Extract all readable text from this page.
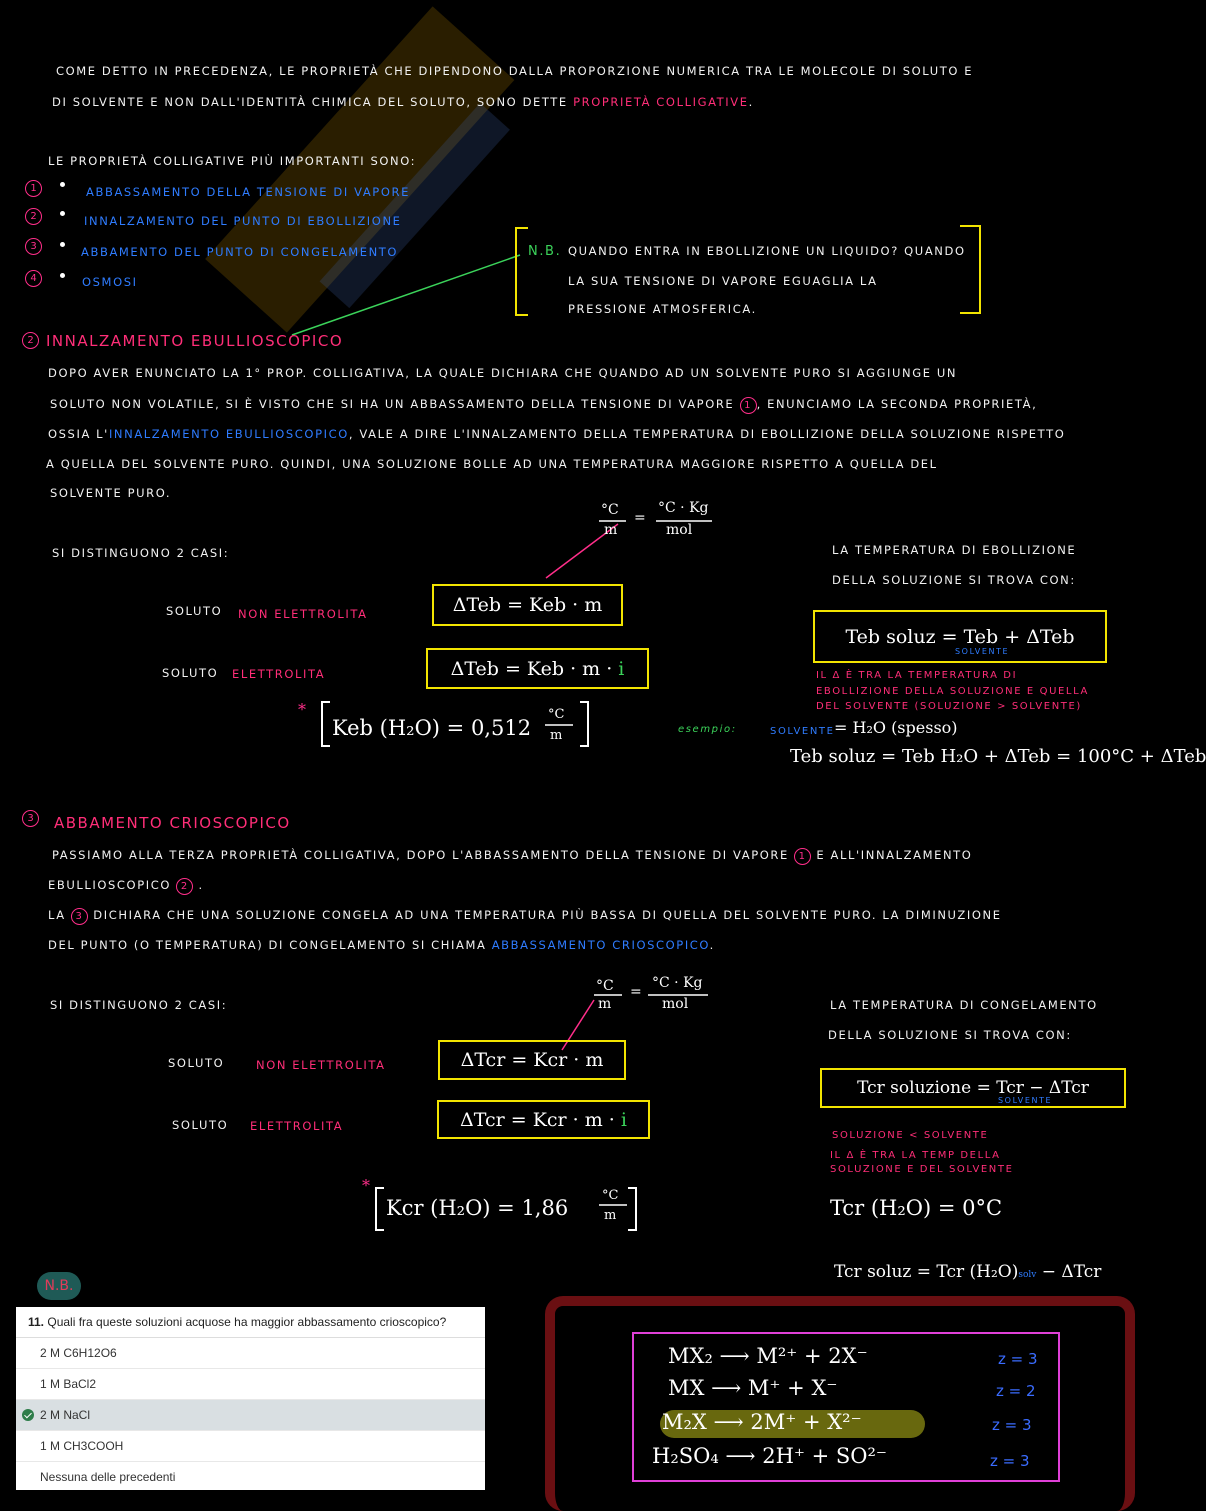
COME DETTO IN PRECEDENZA, LE PROPRIETÀ CHE DIPENDONO DALLA PROPORZIONE NUMERICA TRA LE MOLECOLE DI SOLUTO E
DI SOLVENTE E NON DALL'IDENTITÀ CHIMICA DEL SOLUTO, SONO DETTE PROPRIETÀ COLLIGATIVE.
LE PROPRIETÀ COLLIGATIVE PIÙ IMPORTANTI SONO:
1	ABBASSAMENTO DELLA TENSIONE DI VAPORE
2	INNALZAMENTO DEL PUNTO DI EBOLLIZIONE
3	ABBAMENTO DEL PUNTO DI CONGELAMENTO
4	OSMOSI
N.B. QUANDO ENTRA IN EBOLLIZIONE UN LIQUIDO? QUANDO
LA SUA TENSIONE DI VAPORE EGUAGLIA LA
PRESSIONE ATMOSFERICA.
2 INNALZAMENTO EBULLIOSCOPICO
DOPO AVER ENUNCIATO LA 1° PROP. COLLIGATIVA, LA QUALE DICHIARA CHE QUANDO AD UN SOLVENTE PURO SI AGGIUNGE UN
SOLUTO NON VOLATILE, SI È VISTO CHE SI HA UN ABBASSAMENTO DELLA TENSIONE DI VAPORE 1 , ENUNCIAMO LA SECONDA PROPRIETÀ,
OSSIA L'INNALZAMENTO EBULLIOSCOPICO, VALE A DIRE L'INNALZAMENTO DELLA TEMPERATURA DI EBOLLIZIONE DELLA SOLUZIONE RISPETTO
A QUELLA DEL SOLVENTE PURO. QUINDI, UNA SOLUZIONE BOLLE AD UNA TEMPERATURA MAGGIORE RISPETTO A QUELLA DEL
SOLVENTE PURO.
°C
m
=
°C · Kg
mol
SI DISTINGUONO 2 CASI:
SOLUTO NON ELETTROLITA	ΔTeb = Keb · m
SOLUTO ELETTROLITA	ΔTeb = Keb · m ·
i
*
Keb (H₂O) = 0,512
°C
m
LA TEMPERATURA DI EBOLLIZIONE
DELLA SOLUZIONE SI TROVA CON:
Teb soluz = Teb + ΔTeb
SOLVENTE
IL Δ È TRA LA TEMPERATURA DI
EBOLLIZIONE DELLA SOLUZIONE E QUELLA
DEL SOLVENTE (SOLUZIONE > SOLVENTE)
esempio:	SOLVENTE = H₂O (spesso)
Teb soluz = Teb H₂O + ΔTeb = 100°C + ΔTeb
3	ABBAMENTO CRIOSCOPICO
PASSIAMO ALLA TERZA PROPRIETÀ COLLIGATIVA, DOPO L'ABBASSAMENTO DELLA TENSIONE DI VAPORE 1 E ALL'INNALZAMENTO
EBULLIOSCOPICO 2 .
LA 3 DICHIARA CHE UNA SOLUZIONE CONGELA AD UNA TEMPERATURA PIÙ BASSA DI QUELLA DEL SOLVENTE PURO. LA DIMINUZIONE
DEL PUNTO (O TEMPERATURA) DI CONGELAMENTO SI CHIAMA ABBASSAMENTO CRIOSCOPICO.
°C
m
=
°C · Kg
mol
SI DISTINGUONO 2 CASI:
SOLUTO	NON ELETTROLITA	ΔTcr = Kcr · m
SOLUTO ELETTROLITA	ΔTcr = Kcr · m ·
i
*
Kcr (H₂O) = 1,86
°C
m
LA TEMPERATURA DI CONGELAMENTO
DELLA SOLUZIONE SI TROVA CON:
Tcr soluzione = Tcr − ΔTcr
SOLVENTE
SOLUZIONE < SOLVENTE
IL Δ È TRA LA TEMP DELLA
SOLUZIONE E DEL SOLVENTE
Tcr (H₂O) = 0°C
Tcr soluz = Tcr (H₂O)solv − ΔTcr
N.B.
11. Quali fra queste soluzioni acquose ha maggior abbassamento crioscopico?
2 M C6H12O6
1 M BaCl2
2 M NaCl
1 M CH3COOH
Nessuna delle precedenti
MX₂ ⟶ M²⁺ + 2X⁻	z = 3
MX ⟶ M⁺ + X⁻	z = 2
M₂X ⟶ 2M⁺ + X²⁻	z = 3
H₂SO₄ ⟶ 2H⁺ + SO²⁻	z = 3
